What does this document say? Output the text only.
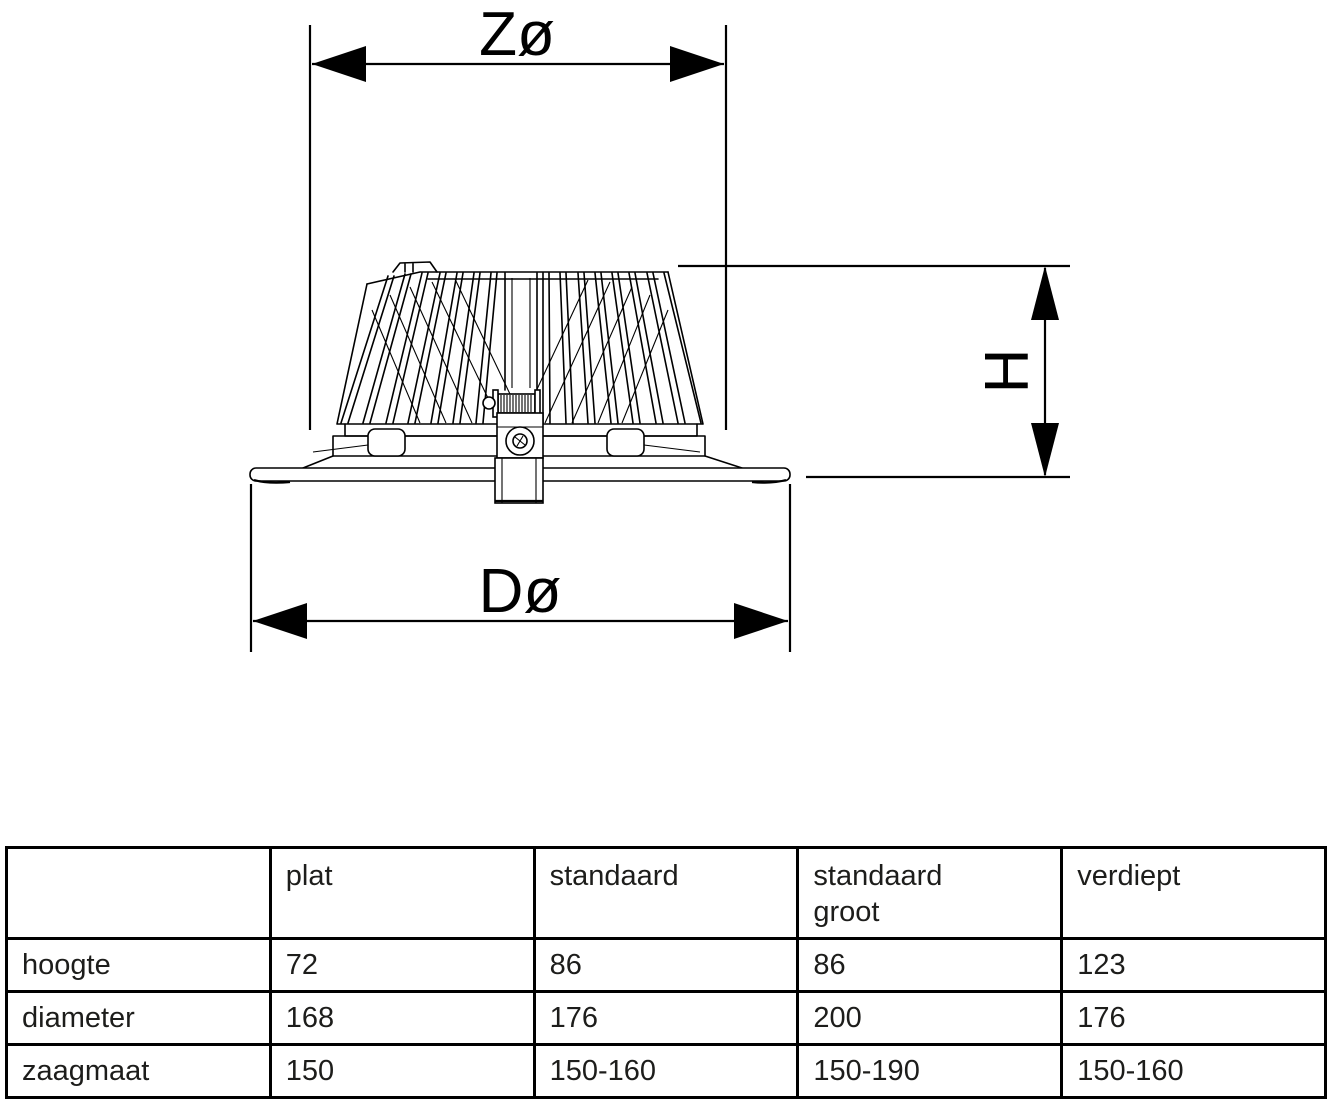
Zø
H
Dø
	plat	standaard	standaard groot	verdiept
hoogte	72	86	86	123
diameter	168	176	200	176
zaagmaat	150	150-160	150-190	150-160
